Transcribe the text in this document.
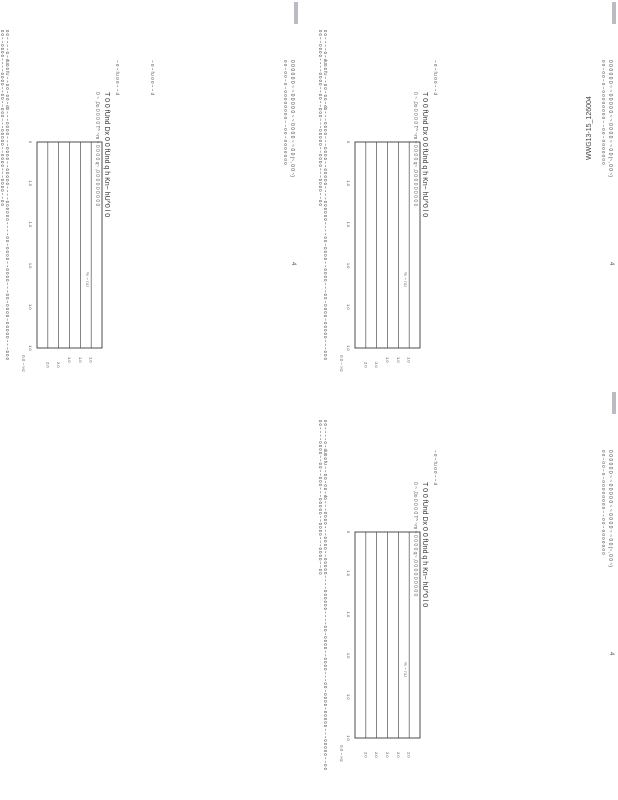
WWG13-15_126004
4
T 0 0 fUnd Dx 0 0 fUnd q h Kn~ hU^0 l 0
0 ~ ,0o 0 0 0 0 T^ ~m ~ 0 0 0 0 q~ ,0 0 0 0 0 0 0 0 0
1.0
1.0
1.0
2.0
2.0
0
1.0
1.0
1.0
1.0
1.0
% ~ nU
0.0 ~ Hz
~ 0 ~ fU 0 0 ~ ~ d	~ 0 ~ fU 0 0 ~ ~ d
0 0 ~ ~ ~ ~ 0 ~ dU0 0 fU ~ ~ 0 0 ~ 0 0 ~ d0 ~ ~ ~ 0 0 0 0 ~ ~ ~ 0 0 0 0 ~ ~ 0 0 0 0 0 ~ ~ ~ ~ 0 0 0 0 0 0 ~ ~ ~ ~ 0 0 ~ 0 0 0 0 ~ ~ 0 0 0 0 ~ ~ ~ 0 0 ~ 0 0 0 0 ~ 0 0 0 0 0 ~ ~ ~ 0 0 0 0 0 ~ ~ 0 0 0 0 ~ ~ ~ ~ 0 0 0 0 ~ ~ 0 0 ~ ~ 0 0 0 ~ ~ ~ 0 0 0 0 0 ~ ~ 0 0 0 0 ~ ~ ~ 0 0 0 0 ~ ~ 0 0	0 0 0 0 0 0 ~ ~ 0 0 0 0 0 ~ ~ 0 0 0 0 ~ ~ 0 0 (~, 0 0 ~)
0 0 ~ 0 0 ~ 0 ~ 0 0 0 0 0 0 0 0 ~ ~ 0 0 ~ 0 0 0 0 0 0 0
4
T 0 0 fUnd Dx 0 0 fUnd q h Kn~ hU^0 l 0
0 ~ ,0o 0 0 0 0 T^ ~m ~ 0 0 0 0 q~ ,0 0 0 0 0 0 0 0 0
1.0
1.0
1.0
2.0
2.0
0
1.0
1.0
1.0
1.0
1.0
% ~ nU
0.0 ~ Hz
~ 0 ~ fU 0 0 ~ ~ d
0 0 ~ ~ ~ ~ 0 ~ dU0 0 fU ~ ~ 0 0 ~ 0 0 ~ d0 ~ ~ ~ 0 0 0 0 ~ ~ ~ 0 0 0 0 ~ ~ 0 0 0 0 0 ~ ~ ~ ~ 0 0 0 0 0 0 ~ ~ ~ ~ 0 0 ~ 0 0 0 0 ~ ~ 0 0 0 0 ~ ~ ~ 0 0 ~ 0 0 0 0 ~ 0 0 0 0 0 ~ ~ ~ 0 0 0 0 0 ~ ~ 0 0 0 0 ~ ~ ~ ~ 0 0 0 0 ~ ~ 0 0 ~ ~ 0 0 0 ~ ~ ~ 0 0 0 0 0 ~ ~ 0 0 0 0 ~ ~ ~ 0 0 0 0 ~ ~ 0 0	0 0 0 0 0 0 ~ ~ 0 0 0 0 0 ~ ~ 0 0 0 0 ~ ~ 0 0 (~, 0 0 ~)
0 0 ~ 0 0 ~ 0 ~ 0 0 0 0 0 0 0 0 ~ ~ 0 0 ~ 0 0 0 0 0 0 0
4
T 0 0 fUnd Dx 0 0 fUnd q h Kn~ hU^0 l 0
0 ~ ,0o 0 0 0 0 T^ ~m ~ 0 0 0 0 q~ ,0 0 0 0 0 0 0 0 0
2.0
2.0
2.0
2.0
2.0
0
1.0
1.0
1.0
1.0
1.0
% ~ nU
0.0 ~ Hz
~ 0 ~ fU 0 0 ~ ~ d
0 0 ~ ~ ~ ~ 0 ~ dU0 0 fU ~ ~ 0 0 ~ 0 0 ~ d0 ~ ~ ~ 0 0 0 0 ~ ~ ~ 0 0 0 0 ~ ~ 0 0 0 0 0 ~ ~ ~ ~ 0 0 0 0 0 0 ~ ~ ~ ~ 0 0 ~ 0 0 0 0 ~ ~ 0 0 0 0 ~ ~ ~ 0 0 ~ 0 0 0 0 ~ 0 0 0 0 0 ~ ~ ~ 0 0 0 0 0 ~ ~ 0 0 0 0 ~ ~ ~ ~ 0 0 0 0 ~ ~ 0 0 ~ ~ 0 0 0 ~ ~ ~ 0 0 0 0 0 ~ ~ 0 0 0 0 ~ ~ ~ 0 0 0 0 ~ ~ 0 0	0 0 0 0 0 0 ~ ~ 0 0 0 0 0 ~ ~ 0 0 0 0 ~ ~ 0 0 (~, 0 0 ~)
0 0 ~ 0 0 ~ 0 ~ 0 0 0 0 0 0 0 0 ~ ~ 0 0 ~ 0 0 0 0 0 0 0
